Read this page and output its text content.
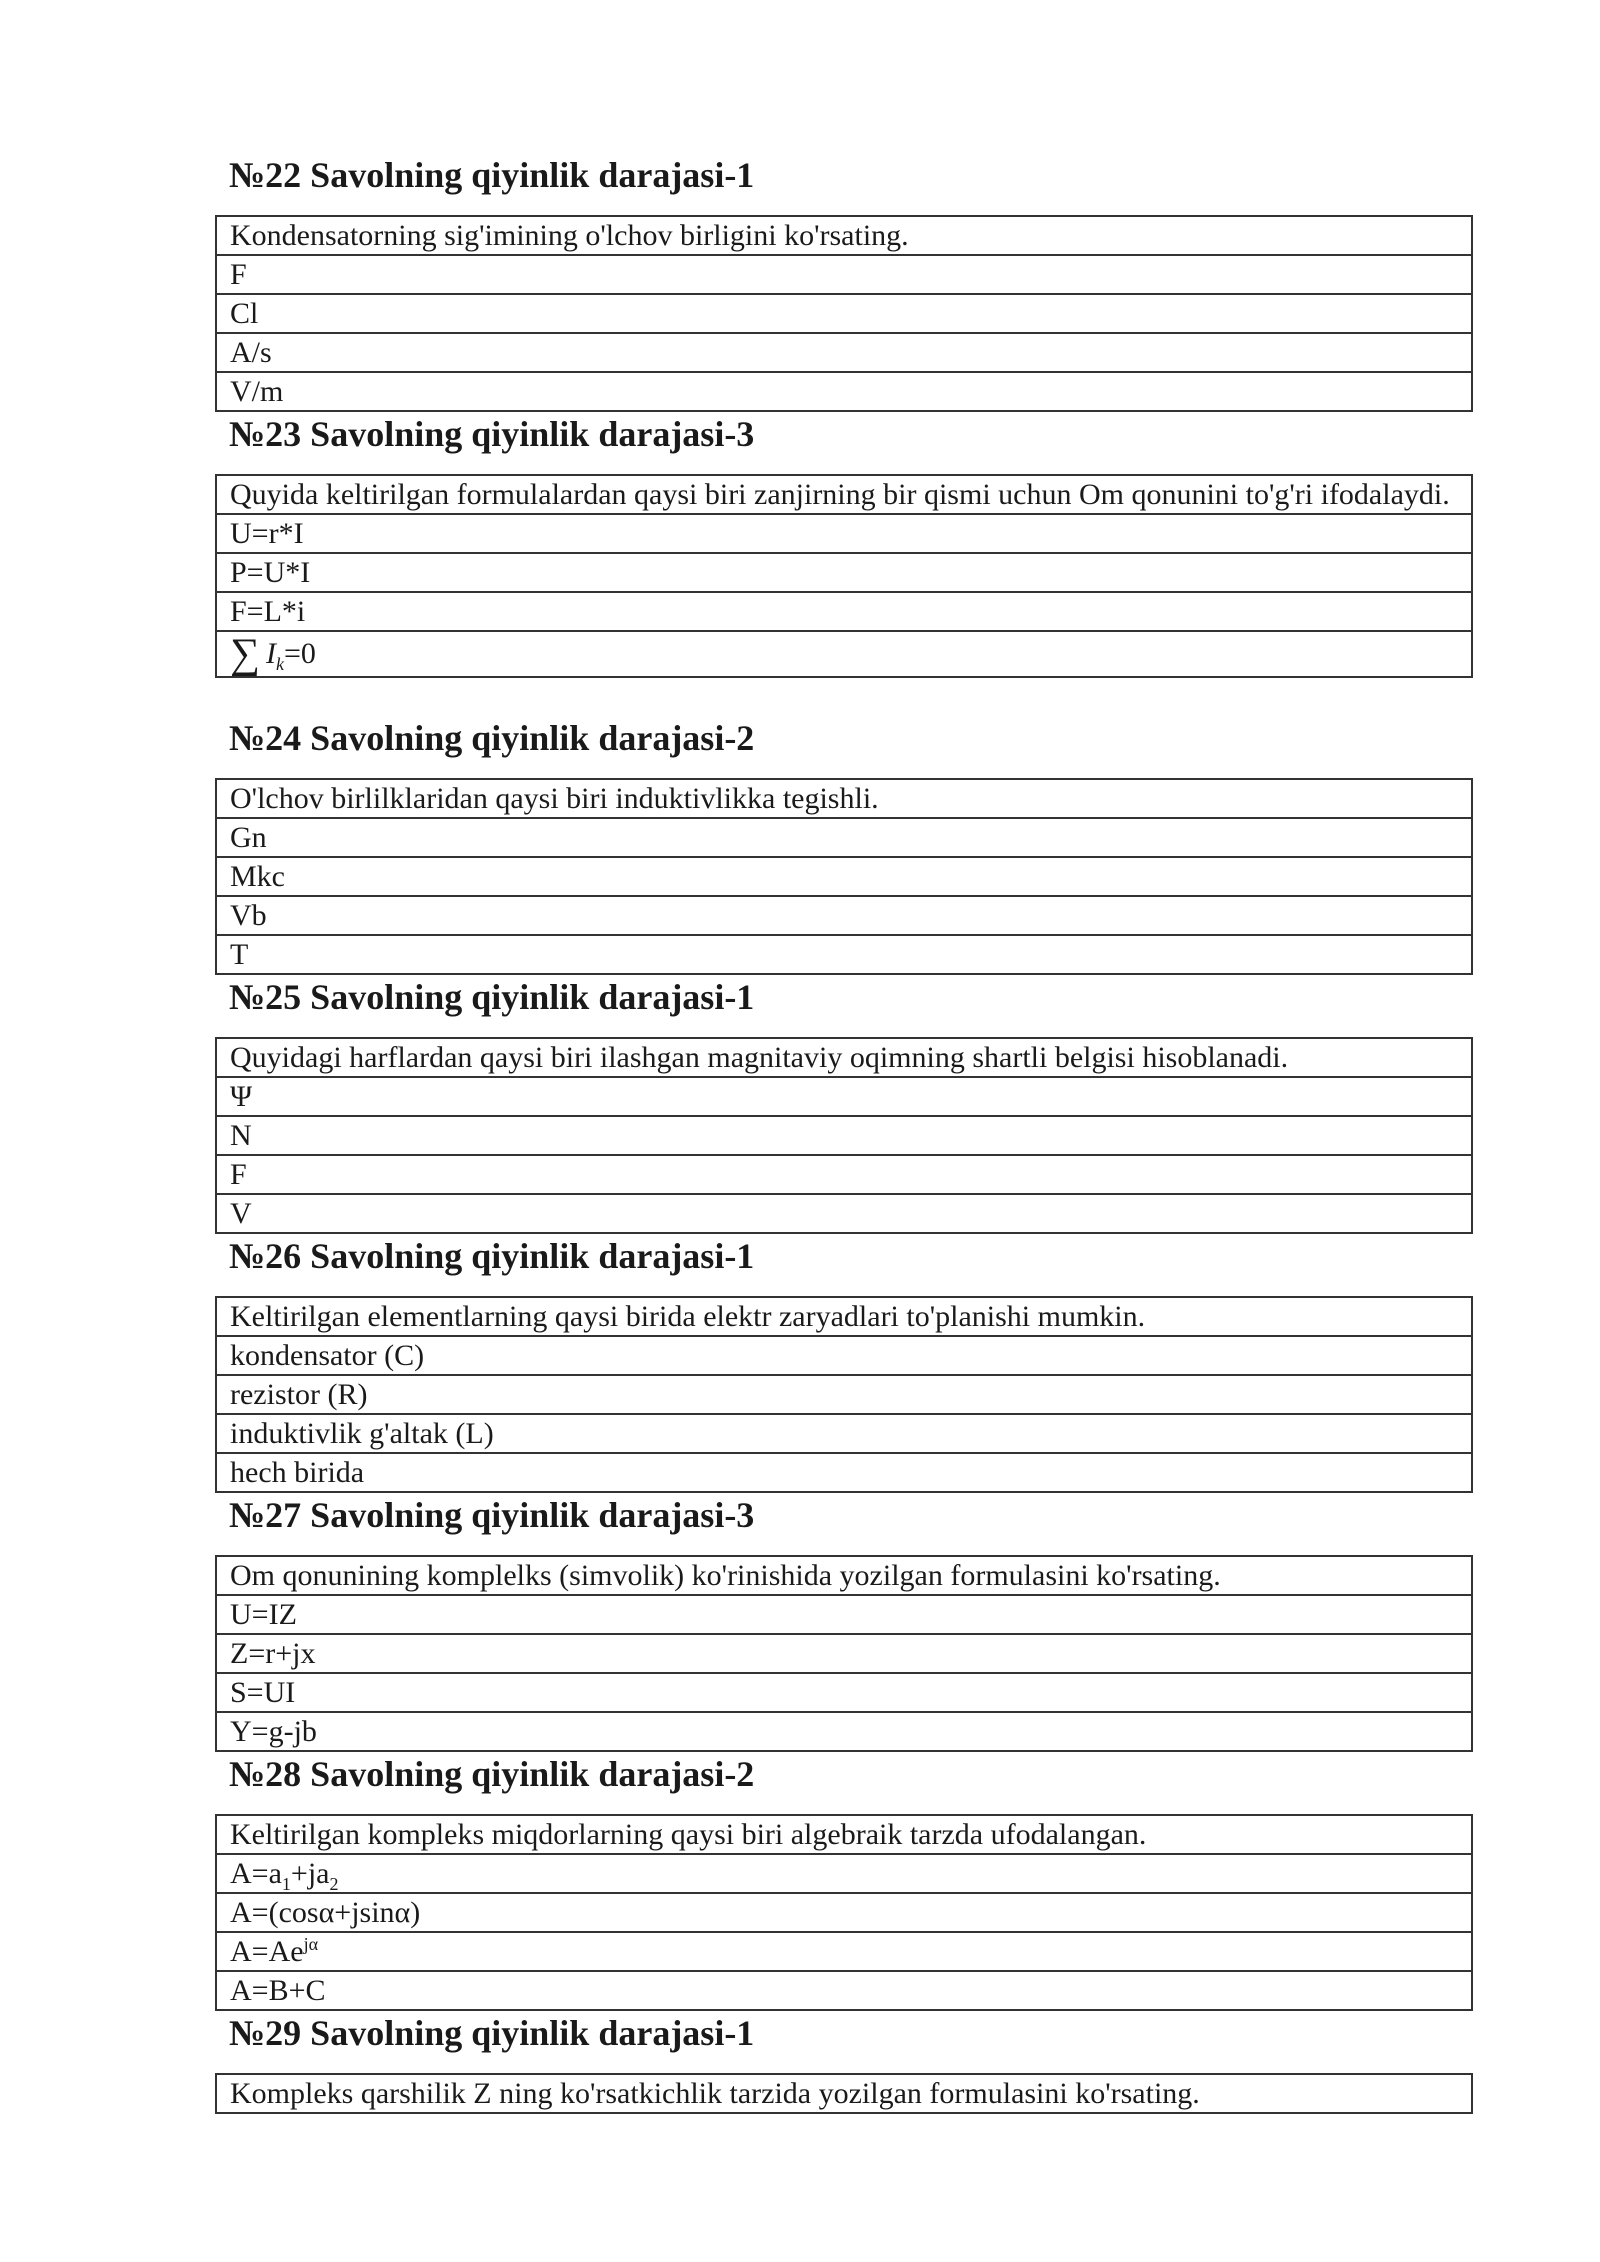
№22 Savolning qiyinlik darajasi-1
Kondensatorning sig'imining o'lchov birligini ko'rsating.
F
Cl
A/s
V/m
№23 Savolning qiyinlik darajasi-3
Quyida keltirilgan formulalardan qaysi biri zanjirning bir qismi uchun Om qonunini to'g'ri ifodalaydi.
U=r*I
P=U*I
F=L*i
∑ $I_k=0$
№24 Savolning qiyinlik darajasi-2
O'lchov birlilklaridan qaysi biri induktivlikka tegishli.
Gn
Mkc
Vb
T
№25 Savolning qiyinlik darajasi-1
Quyidagi harflardan qaysi biri ilashgan magnitaviy oqimning shartli belgisi hisoblanadi.
Ψ
N
F
V
№26 Savolning qiyinlik darajasi-1
Keltirilgan elementlarning qaysi birida elektr zaryadlari to'planishi mumkin.
kondensator (C)
rezistor (R)
induktivlik g'altak (L)
hech birida
№27 Savolning qiyinlik darajasi-3
Om qonunining komplelks (simvolik) ko'rinishida yozilgan formulasini ko'rsating.
U=IZ
Z=r+jx
S=UI
Y=g-jb
№28 Savolning qiyinlik darajasi-2
Keltirilgan kompleks miqdorlarning qaysi biri algebraik tarzda ufodalangan.
$A=a_1+ja_2$
A=(cosα+jsinα)
$A=Ae^{j\alpha}$
A=B+C
№29 Savolning qiyinlik darajasi-1
Kompleks qarshilik Z ning ko'rsatkichlik tarzida yozilgan formulasini ko'rsating.
